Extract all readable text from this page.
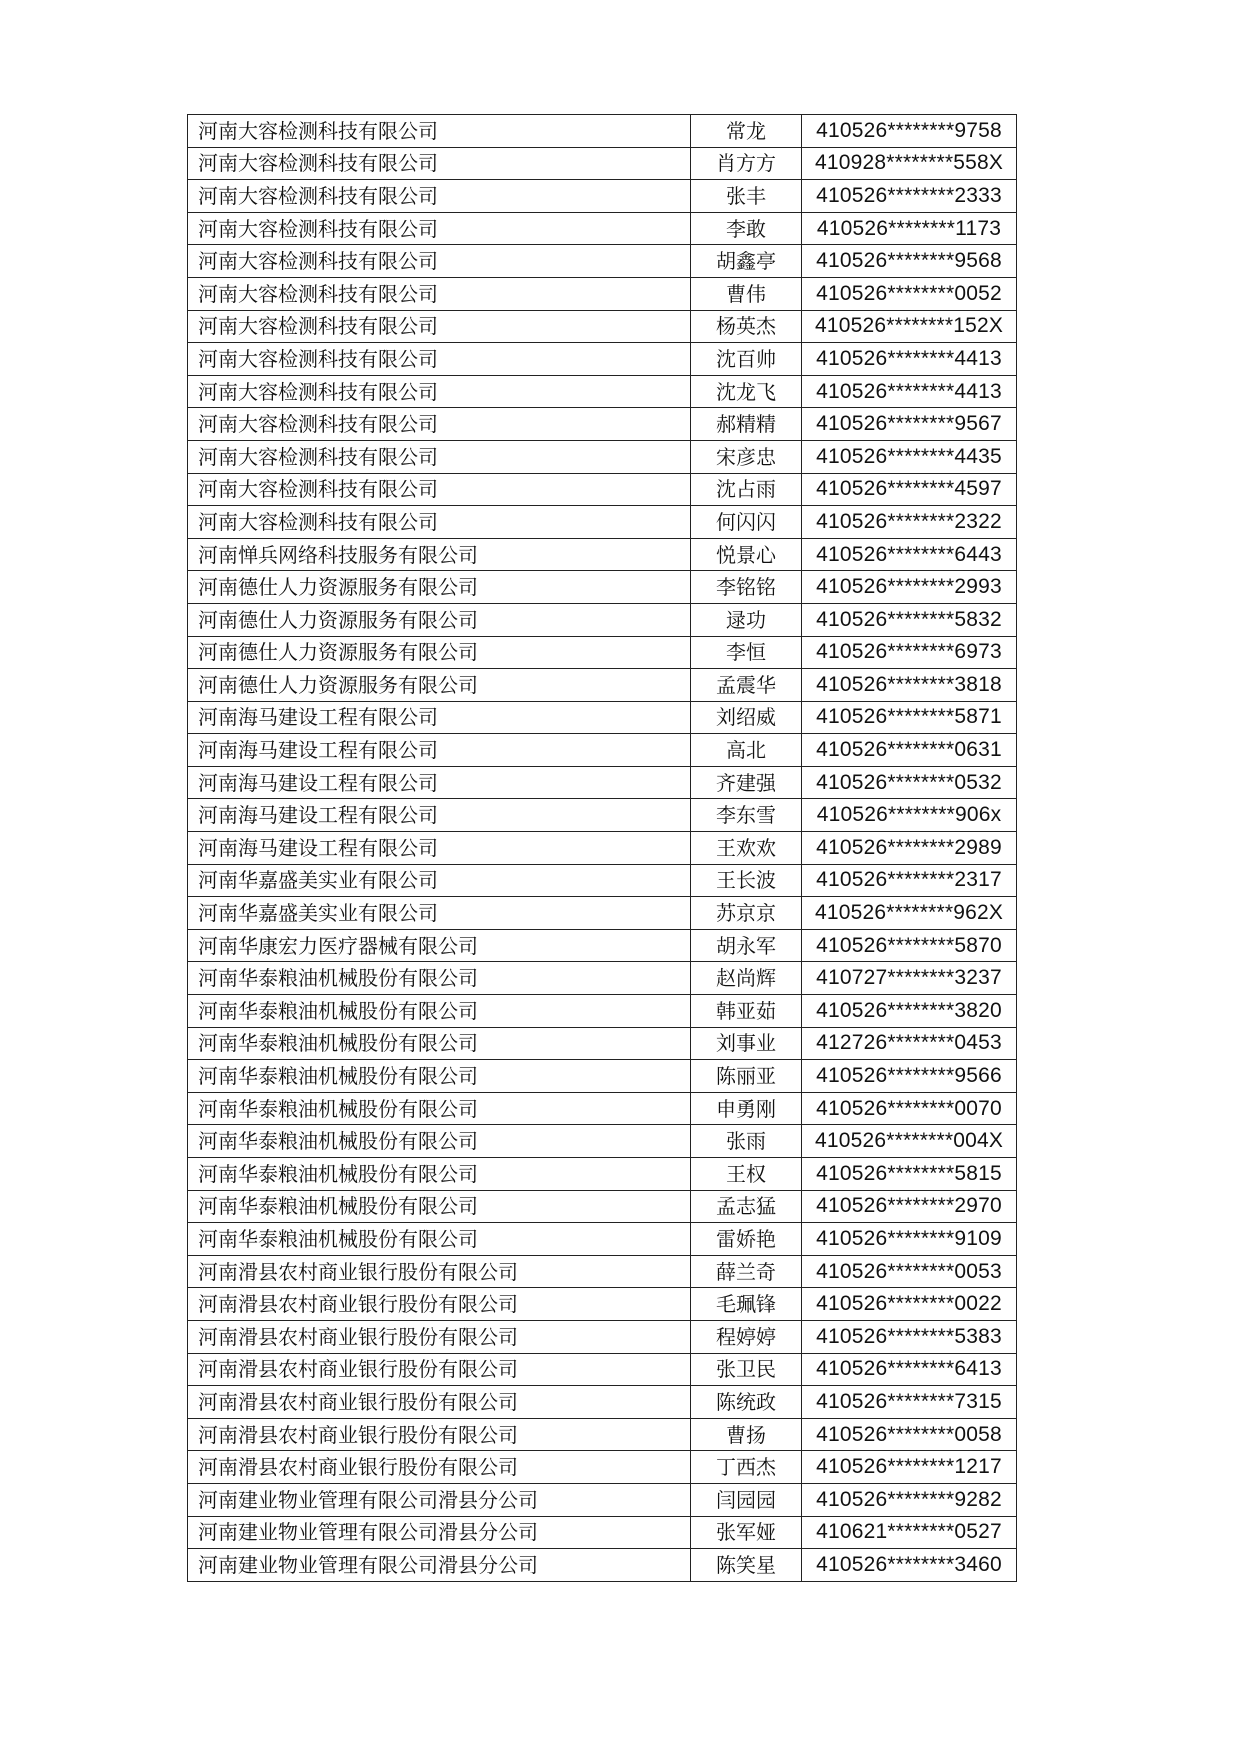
河南大容检测科技有限公司	常龙	410526********9758
河南大容检测科技有限公司	肖方方	410928********558X
河南大容检测科技有限公司	张丰	410526********2333
河南大容检测科技有限公司	李敢	410526********1173
河南大容检测科技有限公司	胡鑫亭	410526********9568
河南大容检测科技有限公司	曹伟	410526********0052
河南大容检测科技有限公司	杨英杰	410526********152X
河南大容检测科技有限公司	沈百帅	410526********4413
河南大容检测科技有限公司	沈龙飞	410526********4413
河南大容检测科技有限公司	郝精精	410526********9567
河南大容检测科技有限公司	宋彦忠	410526********4435
河南大容检测科技有限公司	沈占雨	410526********4597
河南大容检测科技有限公司	何闪闪	410526********2322
河南惮兵网络科技服务有限公司	悦景心	410526********6443
河南德仕人力资源服务有限公司	李铭铭	410526********2993
河南德仕人力资源服务有限公司	逯功	410526********5832
河南德仕人力资源服务有限公司	李恒	410526********6973
河南德仕人力资源服务有限公司	孟震华	410526********3818
河南海马建设工程有限公司	刘绍威	410526********5871
河南海马建设工程有限公司	高北	410526********0631
河南海马建设工程有限公司	齐建强	410526********0532
河南海马建设工程有限公司	李东雪	410526********906x
河南海马建设工程有限公司	王欢欢	410526********2989
河南华嘉盛美实业有限公司	王长波	410526********2317
河南华嘉盛美实业有限公司	苏京京	410526********962X
河南华康宏力医疗器械有限公司	胡永军	410526********5870
河南华泰粮油机械股份有限公司	赵尚辉	410727********3237
河南华泰粮油机械股份有限公司	韩亚茹	410526********3820
河南华泰粮油机械股份有限公司	刘事业	412726********0453
河南华泰粮油机械股份有限公司	陈丽亚	410526********9566
河南华泰粮油机械股份有限公司	申勇刚	410526********0070
河南华泰粮油机械股份有限公司	张雨	410526********004X
河南华泰粮油机械股份有限公司	王权	410526********5815
河南华泰粮油机械股份有限公司	孟志猛	410526********2970
河南华泰粮油机械股份有限公司	雷娇艳	410526********9109
河南滑县农村商业银行股份有限公司	薛兰奇	410526********0053
河南滑县农村商业银行股份有限公司	毛珮锋	410526********0022
河南滑县农村商业银行股份有限公司	程婷婷	410526********5383
河南滑县农村商业银行股份有限公司	张卫民	410526********6413
河南滑县农村商业银行股份有限公司	陈统政	410526********7315
河南滑县农村商业银行股份有限公司	曹扬	410526********0058
河南滑县农村商业银行股份有限公司	丁西杰	410526********1217
河南建业物业管理有限公司滑县分公司	闫园园	410526********9282
河南建业物业管理有限公司滑县分公司	张军娅	410621********0527
河南建业物业管理有限公司滑县分公司	陈笑星	410526********3460
